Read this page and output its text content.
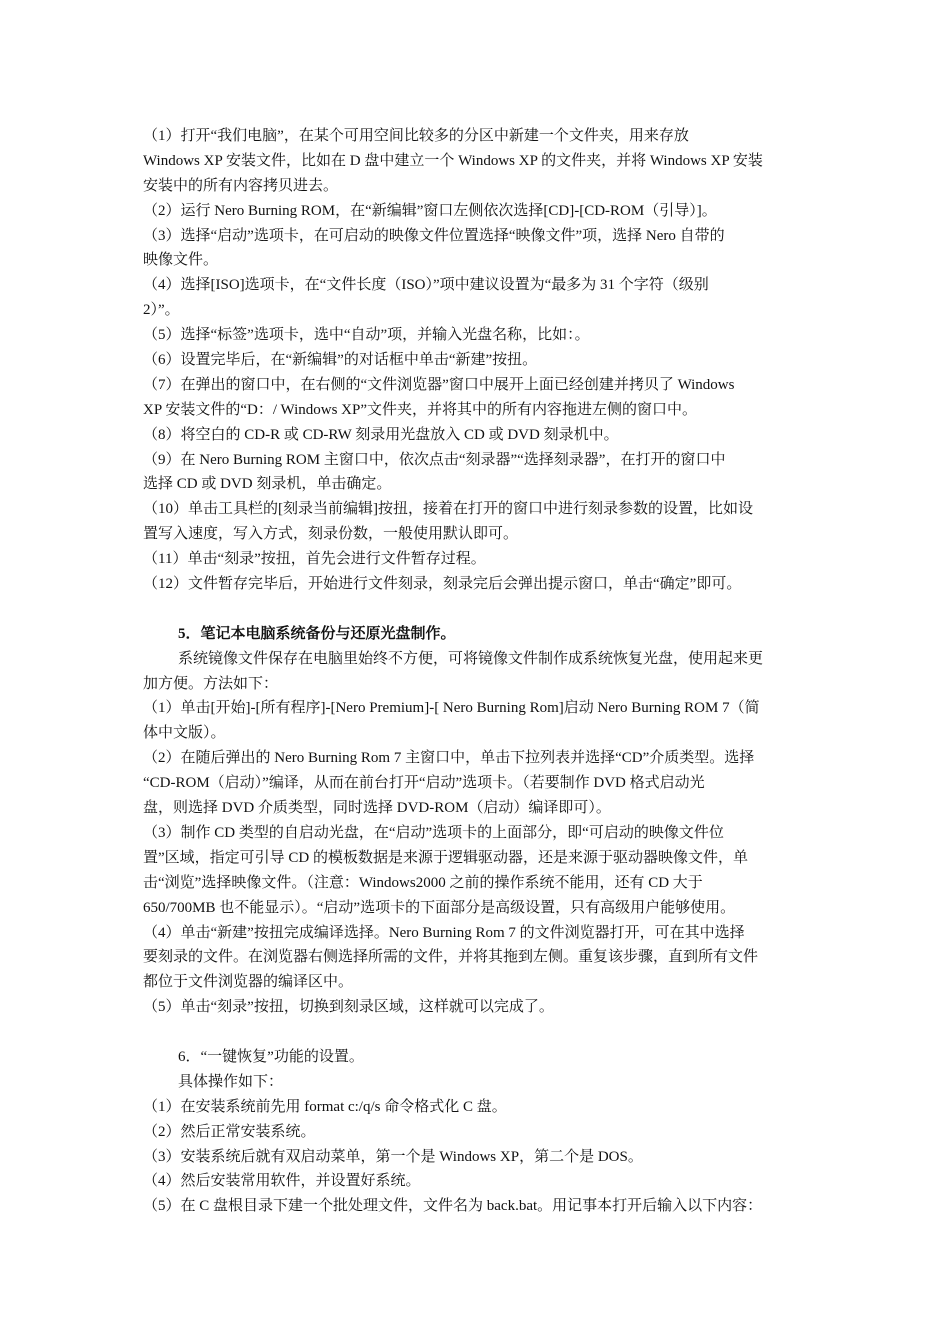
（1）打开“我们电脑”，在某个可用空间比较多的分区中新建一个文件夹，用来存放
Windows XP 安装文件，比如在 D 盘中建立一个 Windows XP 的文件夹，并将 Windows XP 安装
安装中的所有内容拷贝进去。
（2）运行 Nero Burning ROM，在“新编辑”窗口左侧依次选择[CD]-[CD-ROM（引导）]。
（3）选择“启动”选项卡，在可启动的映像文件位置选择“映像文件”项，选择 Nero 自带的
映像文件。
（4）选择[ISO]选项卡，在“文件长度（ISO）”项中建议设置为“最多为 31 个字符（级别
2）”。
（5）选择“标签”选项卡，选中“自动”项，并输入光盘名称，比如：。
（6）设置完毕后，在“新编辑”的对话框中单击“新建”按扭。
（7）在弹出的窗口中，在右侧的“文件浏览器”窗口中展开上面已经创建并拷贝了 Windows
XP 安装文件的“D：/ Windows XP”文件夹，并将其中的所有内容拖进左侧的窗口中。
（8）将空白的 CD-R 或 CD-RW 刻录用光盘放入 CD 或 DVD 刻录机中。
（9）在 Nero Burning ROM 主窗口中，依次点击“刻录器”“选择刻录器”，在打开的窗口中
选择 CD 或 DVD 刻录机，单击确定。
（10）单击工具栏的[刻录当前编辑]按扭，接着在打开的窗口中进行刻录参数的设置，比如设
置写入速度，写入方式，刻录份数，一般使用默认即可。
（11）单击“刻录”按扭，首先会进行文件暂存过程。
（12）文件暂存完毕后，开始进行文件刻录，刻录完后会弹出提示窗口，单击“确定”即可。
5．笔记本电脑系统备份与还原光盘制作。
系统镜像文件保存在电脑里始终不方便，可将镜像文件制作成系统恢复光盘，使用起来更
加方便。方法如下：
（1）单击[开始]-[所有程序]-[Nero Premium]-[ Nero Burning Rom]启动 Nero Burning ROM 7（简
体中文版）。
（2）在随后弹出的 Nero Burning Rom 7 主窗口中，单击下拉列表并选择“CD”介质类型。选择
“CD-ROM（启动）”编译，从而在前台打开“启动”选项卡。（若要制作 DVD 格式启动光
盘，则选择 DVD 介质类型，同时选择 DVD-ROM（启动）编译即可）。
（3）制作 CD 类型的自启动光盘，在“启动”选项卡的上面部分，即“可启动的映像文件位
置”区域，指定可引导 CD 的模板数据是来源于逻辑驱动器，还是来源于驱动器映像文件，单
击“浏览”选择映像文件。（注意：Windows2000 之前的操作系统不能用，还有 CD 大于
650/700MB 也不能显示）。“启动”选项卡的下面部分是高级设置，只有高级用户能够使用。
（4）单击“新建”按扭完成编译选择。Nero Burning Rom 7 的文件浏览器打开，可在其中选择
要刻录的文件。在浏览器右侧选择所需的文件，并将其拖到左侧。重复该步骤，直到所有文件
都位于文件浏览器的编译区中。
（5）单击“刻录”按扭，切换到刻录区域，这样就可以完成了。
6．“一键恢复”功能的设置。
具体操作如下：
（1）在安装系统前先用 format c:/q/s 命令格式化 C 盘。
（2）然后正常安装系统。
（3）安装系统后就有双启动菜单，第一个是 Windows XP，第二个是 DOS。
（4）然后安装常用软件，并设置好系统。
（5）在 C 盘根目录下建一个批处理文件，文件名为 back.bat。用记事本打开后输入以下内容：
